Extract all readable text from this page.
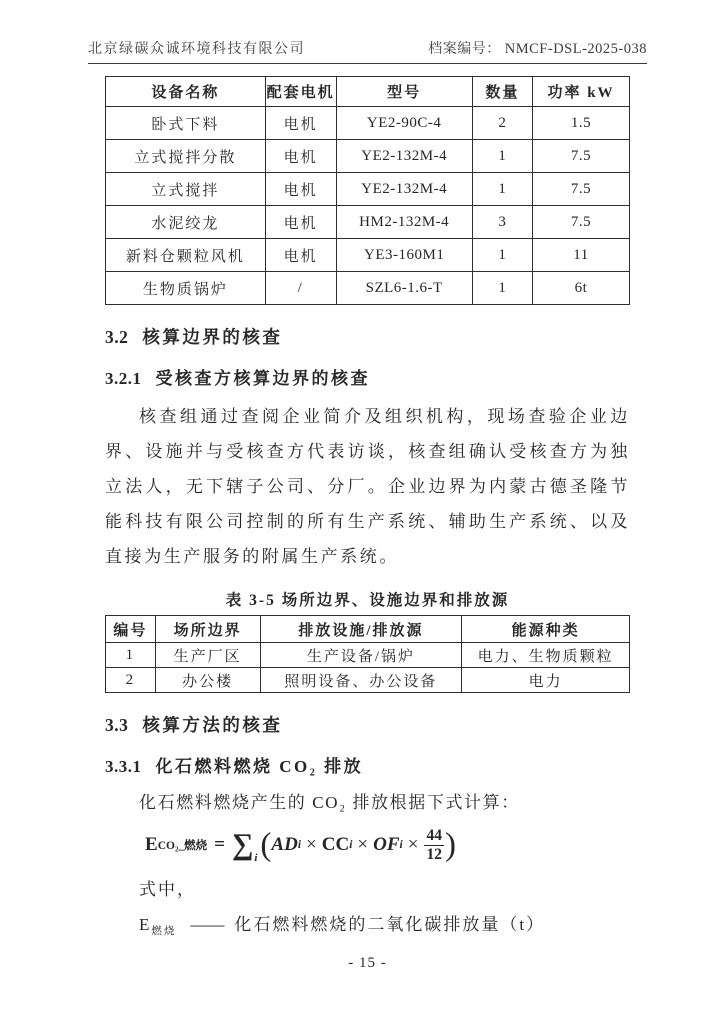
北京绿碳众诚环境科技有限公司	档案编号： NMCF-DSL-2025-038
设备名称	配套电机	型号	数量	功率 kW
卧式下料	电机	YE2-90C-4	2	1.5
立式搅拌分散	电机	YE2-132M-4	1	7.5
立式搅拌	电机	YE2-132M-4	1	7.5
水泥绞龙	电机	HM2-132M-4	3	7.5
新料仓颗粒风机	电机	YE3-160M1	1	11
生物质锅炉	/	SZL6-1.6-T	1	6t
3.2 核算边界的核查
3.2.1 受核查方核算边界的核查

核查组通过查阅企业简介及组织机构，现场查验企业边界、设施并与受核查方代表访谈，核查组确认受核查方为独立法人，无下辖子公司、分厂。企业边界为内蒙古德圣隆节能科技有限公司控制的所有生产系统、辅助生产系统、以及直接为生产服务的附属生产系统。

表 3-5 场所边界、设施边界和排放源
编号	场所边界	排放设施/排放源	能源种类
1	生产厂区	生产设备/锅炉	电力、生物质颗粒
2	办公楼	照明设备、办公设备	电力
3.3 核算方法的核查
3.3.1 化石燃料燃烧 CO₂ 排放

化石燃料燃烧产生的 CO₂ 排放根据下式计算：

E CO₂_燃烧 = ∑ i ( AD i × CC i × OF $i \times \frac{44}{12}$ )

式中，

$E_{燃烧}$ —— 化石燃料燃烧的二氧化碳排放量（t）

- 15 -
